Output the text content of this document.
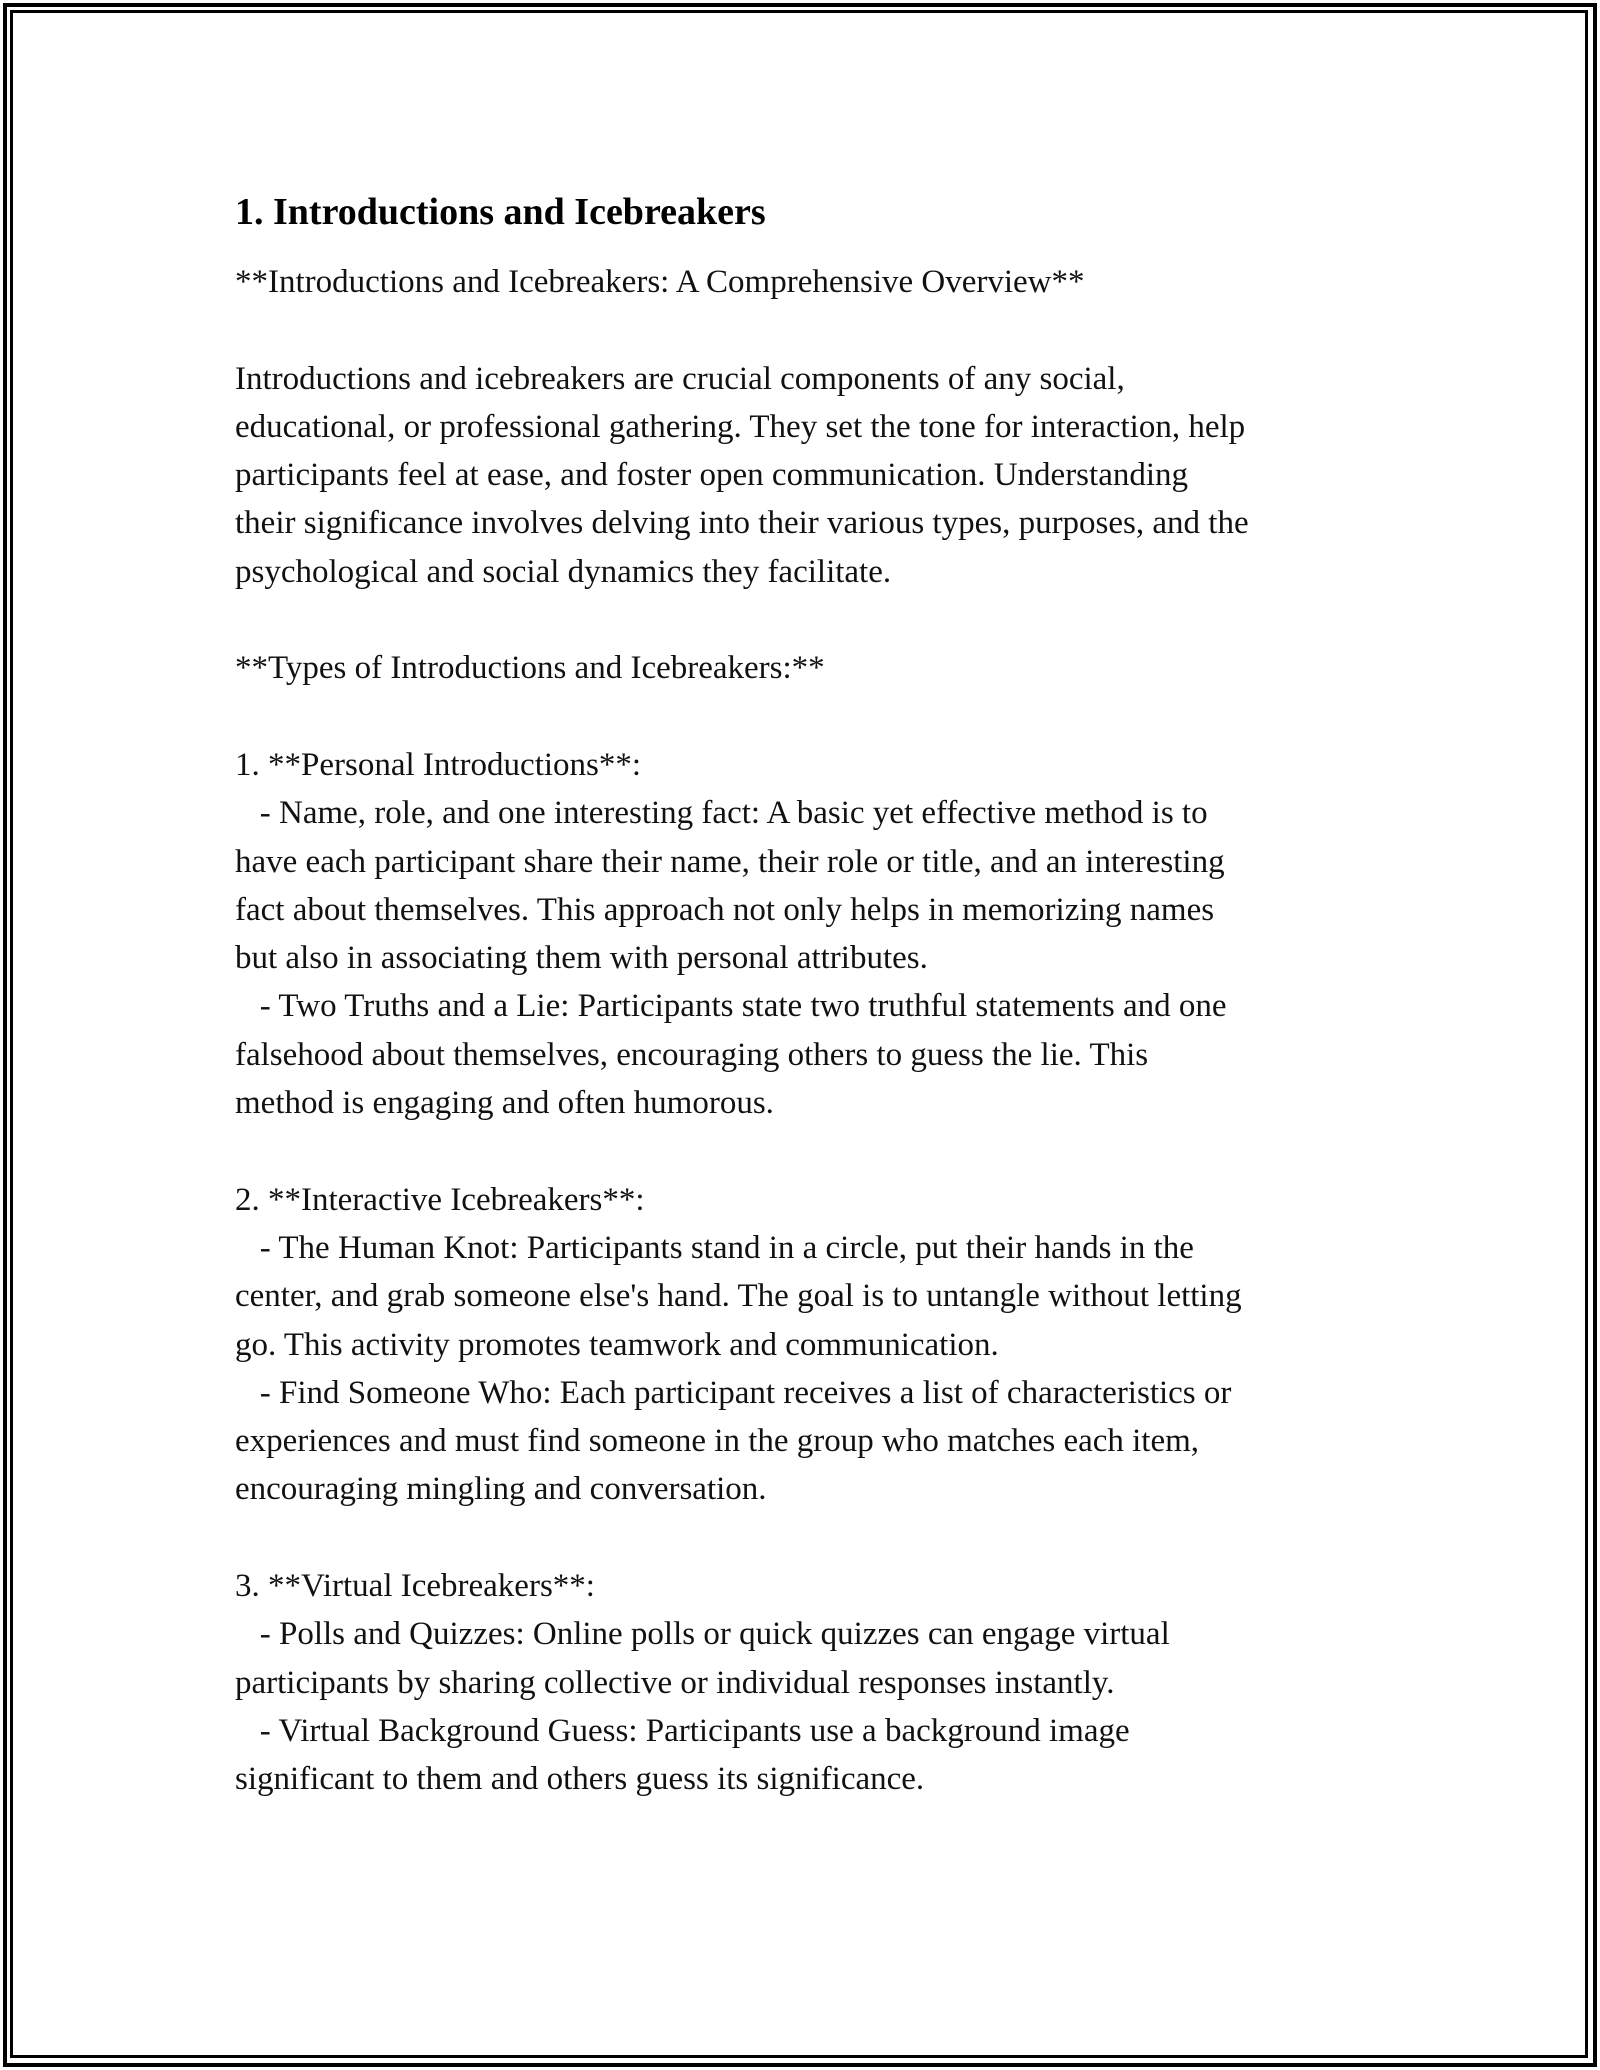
1. Introductions and Icebreakers

**Introductions and Icebreakers: A Comprehensive Overview**

Introductions and icebreakers are crucial components of any social,
educational, or professional gathering. They set the tone for interaction, help
participants feel at ease, and foster open communication. Understanding
their significance involves delving into their various types, purposes, and the
psychological and social dynamics they facilitate.

**Types of Introductions and Icebreakers:**

1. **Personal Introductions**:
- Name, role, and one interesting fact: A basic yet effective method is to
have each participant share their name, their role or title, and an interesting
fact about themselves. This approach not only helps in memorizing names
but also in associating them with personal attributes.
- Two Truths and a Lie: Participants state two truthful statements and one
falsehood about themselves, encouraging others to guess the lie. This
method is engaging and often humorous.

2. **Interactive Icebreakers**:
- The Human Knot: Participants stand in a circle, put their hands in the
center, and grab someone else's hand. The goal is to untangle without letting
go. This activity promotes teamwork and communication.
- Find Someone Who: Each participant receives a list of characteristics or
experiences and must find someone in the group who matches each item,
encouraging mingling and conversation.

3. **Virtual Icebreakers**:
- Polls and Quizzes: Online polls or quick quizzes can engage virtual
participants by sharing collective or individual responses instantly.
- Virtual Background Guess: Participants use a background image
significant to them and others guess its significance.
